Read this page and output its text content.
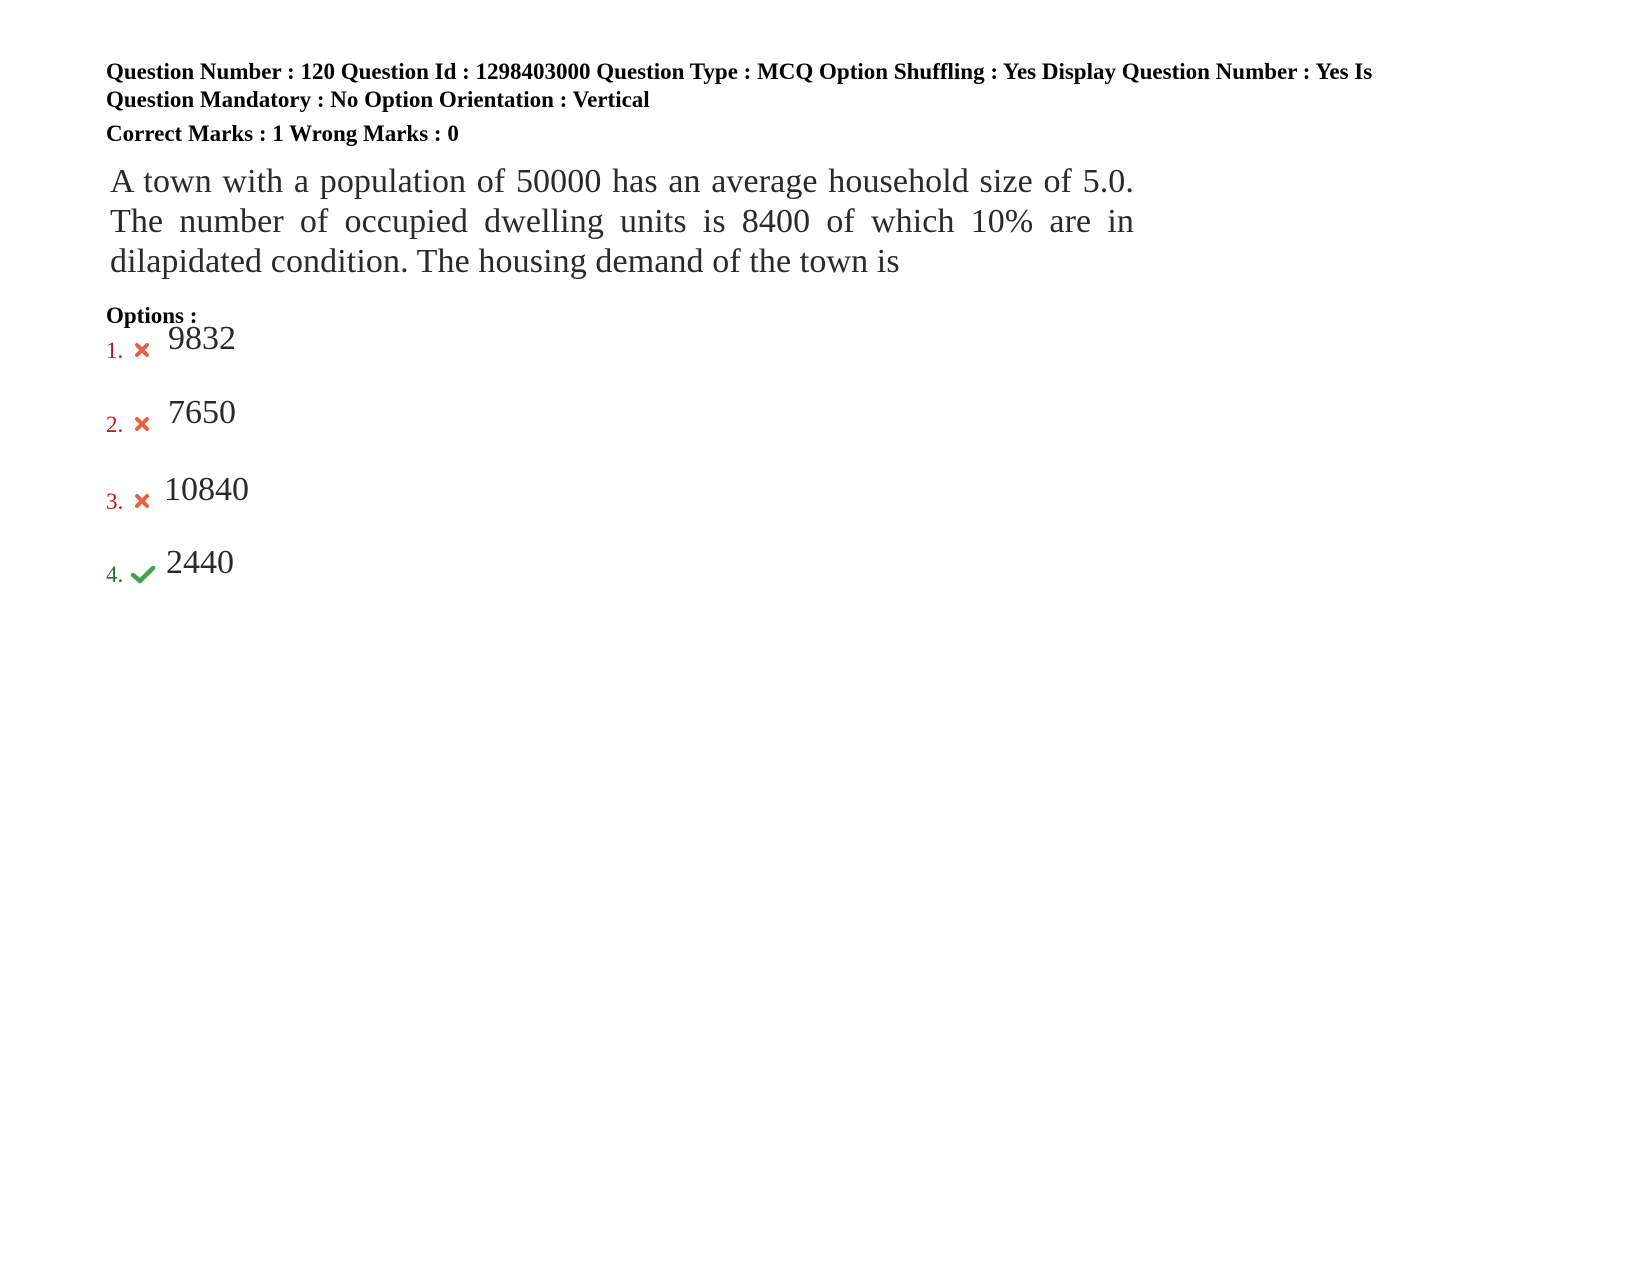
Question Number : 120 Question Id : 1298403000 Question Type : MCQ Option Shuffling : Yes Display Question Number : Yes Is

Question Mandatory : No Option Orientation : Vertical

Correct Marks : 1 Wrong Marks : 0
A town with a population of 50000 has an average household size of 5.0. The number of occupied dwelling units is 8400 of which 10% are in dilapidated condition. The housing demand of the town is
Options :
1. 9832
2. 7650
3. 10840
4. 2440
